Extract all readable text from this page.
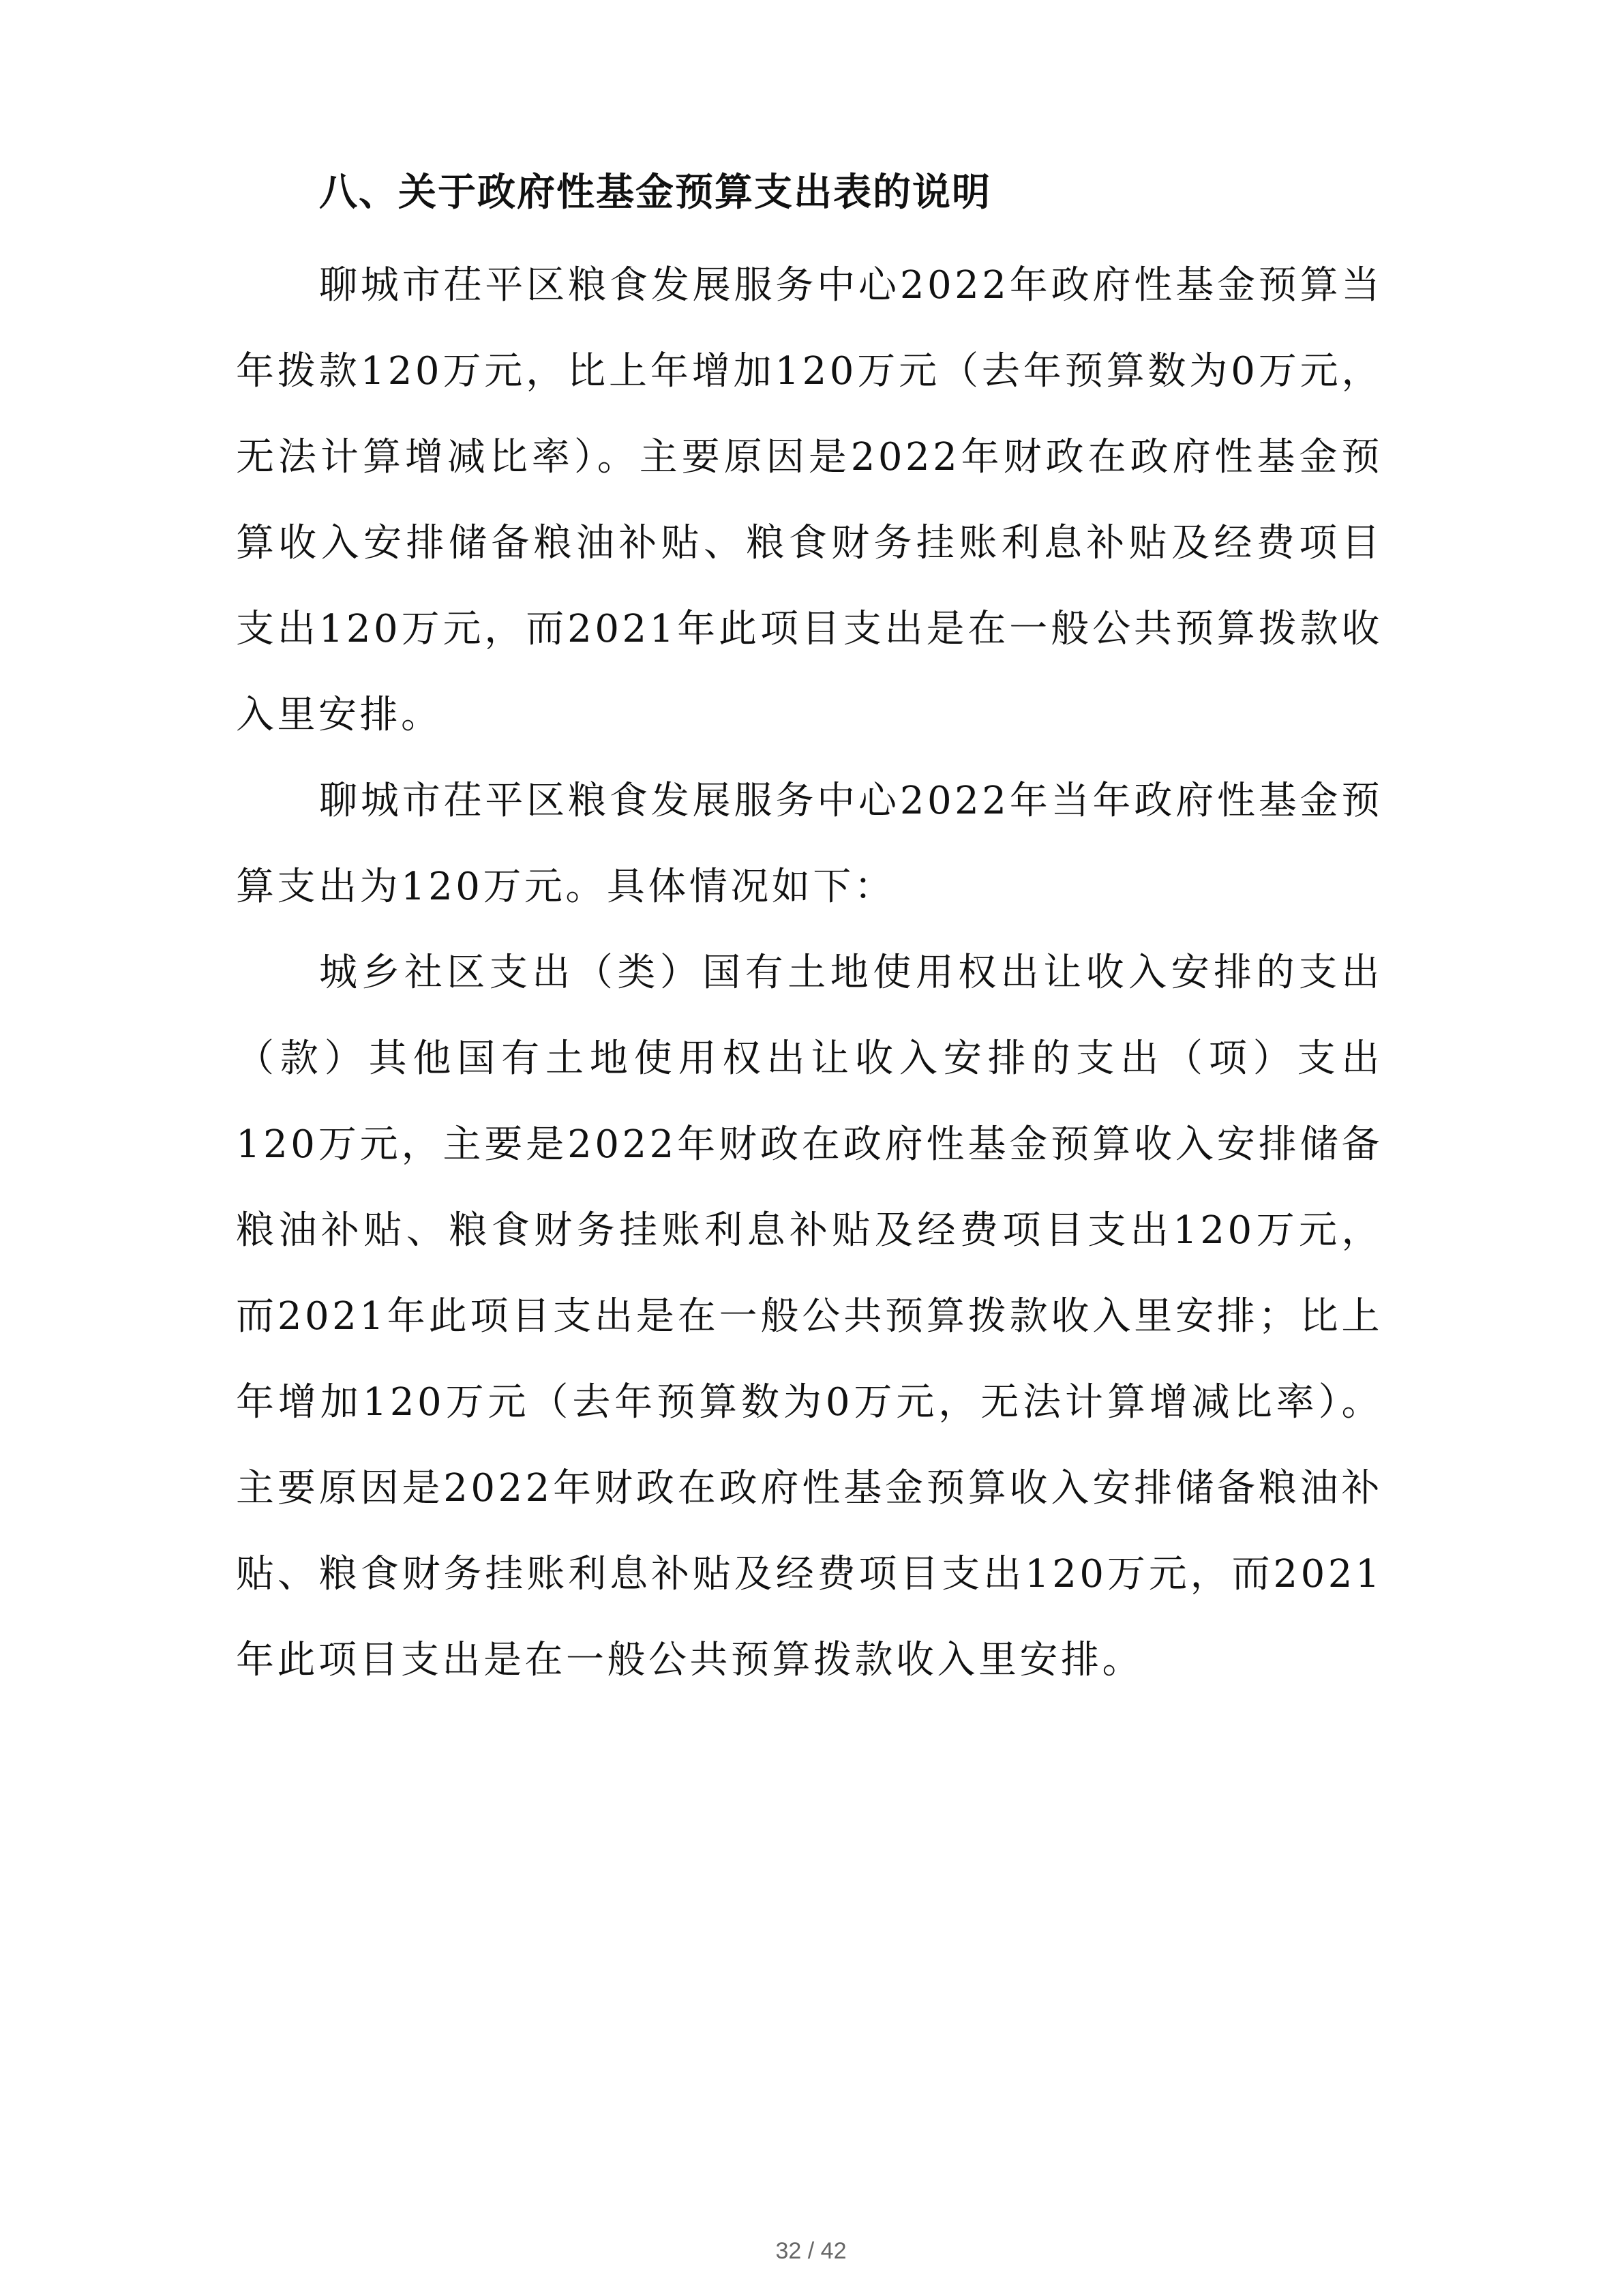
八、关于政府性基金预算支出表的说明

聊城市茌平区粮食发展服务中心2022年政府性基金预算当年拨款120万元，比上年增加120万元（去年预算数为0万元，无法计算增减比率）。主要原因是2022年财政在政府性基金预算收入安排储备粮油补贴、粮食财务挂账利息补贴及经费项目支出120万元，而2021年此项目支出是在一般公共预算拨款收入里安排。

聊城市茌平区粮食发展服务中心2022年当年政府性基金预算支出为120万元。具体情况如下：

城乡社区支出（类）国有土地使用权出让收入安排的支出（款）其他国有土地使用权出让收入安排的支出（项）支出120万元，主要是2022年财政在政府性基金预算收入安排储备粮油补贴、粮食财务挂账利息补贴及经费项目支出120万元，而2021年此项目支出是在一般公共预算拨款收入里安排；比上年增加120万元（去年预算数为0万元，无法计算增减比率）。主要原因是2022年财政在政府性基金预算收入安排储备粮油补贴、粮食财务挂账利息补贴及经费项目支出120万元，而2021年此项目支出是在一般公共预算拨款收入里安排。

32 / 42
